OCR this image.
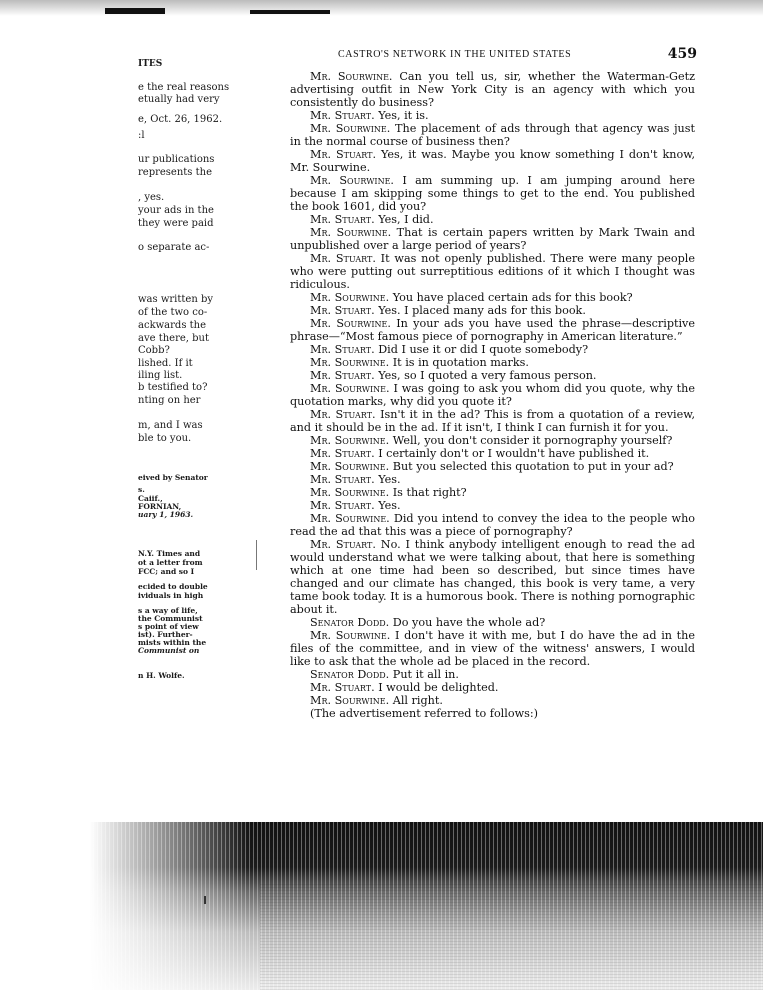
ITES
e the real reasons
etually had very
e, Oct. 26, 1962.
:l
ur publications
represents the
, yes.
your ads in the
they were paid
o separate ac-
was written by
of the two co-
ackwards the
ave there, but
Cobb?
lished. If it
iling list.
b testified to?
nting on her
m, and I was
ble to you.
eived by Senator
s.
Caiif.,
FORNIAN,
uary 1, 1963.
N.Y. Times and
ot a letter from
FCC; and so I
ecided to double
ividuals in high
s a way of life,
the Communist
s point of view
ist). Further-
mists within the
Communist on
n H. Wolfe.
CASTRO'S NETWORK IN THE UNITED STATES	459

Mr. Sourwine. Can you tell us, sir, whether the Waterman-Getz advertising outfit in New York City is an agency with which you consistently do business?

Mr. Stuart. Yes, it is.

Mr. Sourwine. The placement of ads through that agency was just in the normal course of business then?

Mr. Stuart. Yes, it was. Maybe you know something I don't know, Mr. Sourwine.

Mr. Sourwine. I am summing up. I am jumping around here because I am skipping some things to get to the end. You published the book 1601, did you?

Mr. Stuart. Yes, I did.

Mr. Sourwine. That is certain papers written by Mark Twain and unpublished over a large period of years?

Mr. Stuart. It was not openly published. There were many people who were putting out surreptitious editions of it which I thought was ridiculous.

Mr. Sourwine. You have placed certain ads for this book?

Mr. Stuart. Yes. I placed many ads for this book.

Mr. Sourwine. In your ads you have used the phrase—descriptive phrase—“Most famous piece of pornography in American literature.”

Mr. Stuart. Did I use it or did I quote somebody?

Mr. Sourwine. It is in quotation marks.

Mr. Stuart. Yes, so I quoted a very famous person.

Mr. Sourwine. I was going to ask you whom did you quote, why the quotation marks, why did you quote it?

Mr. Stuart. Isn't it in the ad? This is from a quotation of a review, and it should be in the ad. If it isn't, I think I can furnish it for you.

Mr. Sourwine. Well, you don't consider it pornography yourself?

Mr. Stuart. I certainly don't or I wouldn't have published it.

Mr. Sourwine. But you selected this quotation to put in your ad?

Mr. Stuart. Yes.

Mr. Sourwine. Is that right?

Mr. Stuart. Yes.

Mr. Sourwine. Did you intend to convey the idea to the people who read the ad that this was a piece of pornography?

Mr. Stuart. No. I think anybody intelligent enough to read the ad would understand what we were talking about, that here is something which at one time had been so described, but since times have changed and our climate has changed, this book is very tame, a very tame book today. It is a humorous book. There is nothing pornographic about it.

Senator Dodd. Do you have the whole ad?

Mr. Sourwine. I don't have it with me, but I do have the ad in the files of the committee, and in view of the witness' answers, I would like to ask that the whole ad be placed in the record.

Senator Dodd. Put it all in.

Mr. Stuart. I would be delighted.

Mr. Sourwine. All right.

(The advertisement referred to follows:)
